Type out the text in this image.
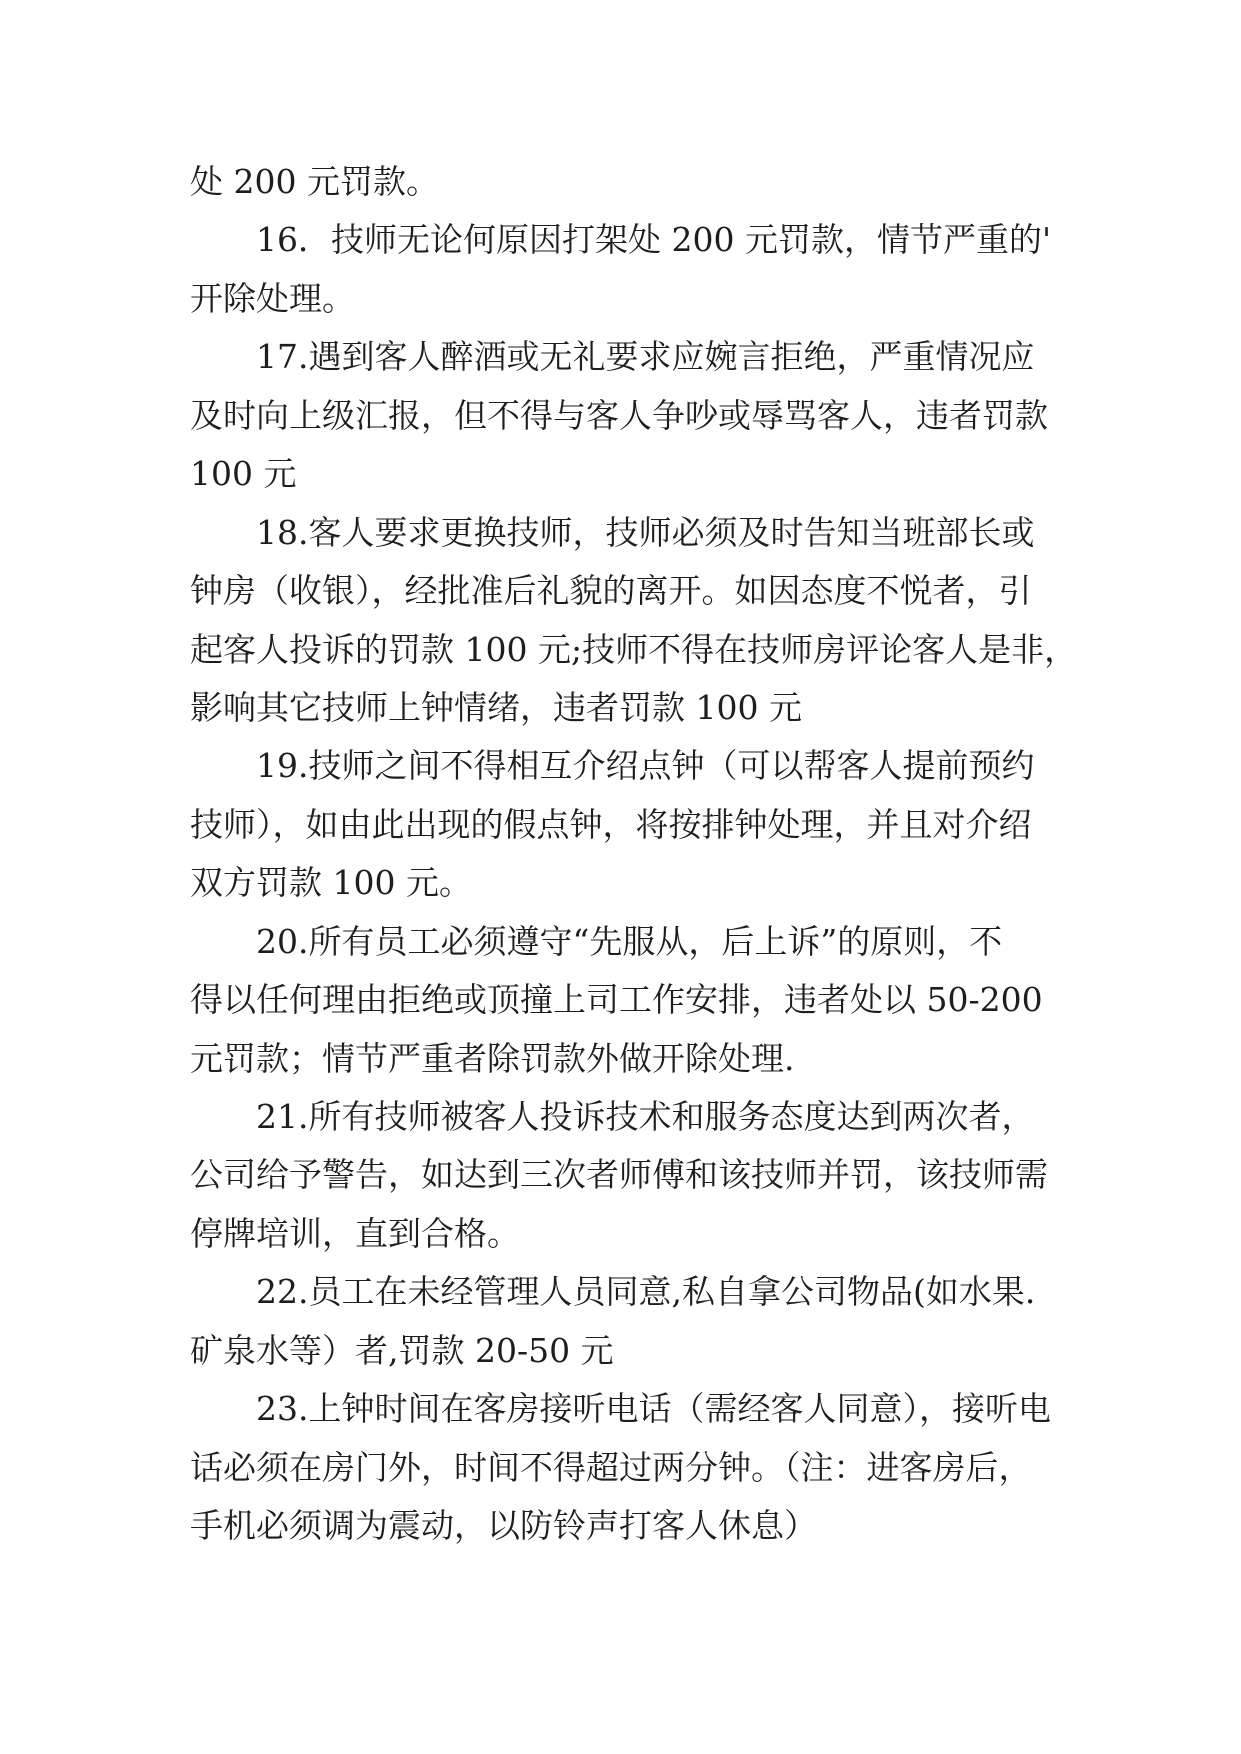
处 200 元罚款。
16．技师无论何原因打架处 200 元罚款，情节严重的'
开除处理。
17.遇到客人醉酒或无礼要求应婉言拒绝，严重情况应
及时向上级汇报，但不得与客人争吵或辱骂客人，违者罚款
100 元
18.客人要求更换技师，技师必须及时告知当班部长或
钟房（收银），经批准后礼貌的离开。如因态度不悦者，引
起客人投诉的罚款 100 元;技师不得在技师房评论客人是非，
影响其它技师上钟情绪，违者罚款 100 元
19.技师之间不得相互介绍点钟（可以帮客人提前预约
技师），如由此出现的假点钟，将按排钟处理，并且对介绍
双方罚款 100 元。
20.所有员工必须遵守“先服从，后上诉”的原则，不
得以任何理由拒绝或顶撞上司工作安排，违者处以 50-200
元罚款；情节严重者除罚款外做开除处理.
21.所有技师被客人投诉技术和服务态度达到两次者，
公司给予警告，如达到三次者师傅和该技师并罚，该技师需
停牌培训，直到合格。
22.员工在未经管理人员同意,私自拿公司物品(如水果.
矿泉水等）者,罚款 20-50 元
23.上钟时间在客房接听电话（需经客人同意），接听电
话必须在房门外，时间不得超过两分钟。（注：进客房后，
手机必须调为震动，以防铃声打客人休息）
